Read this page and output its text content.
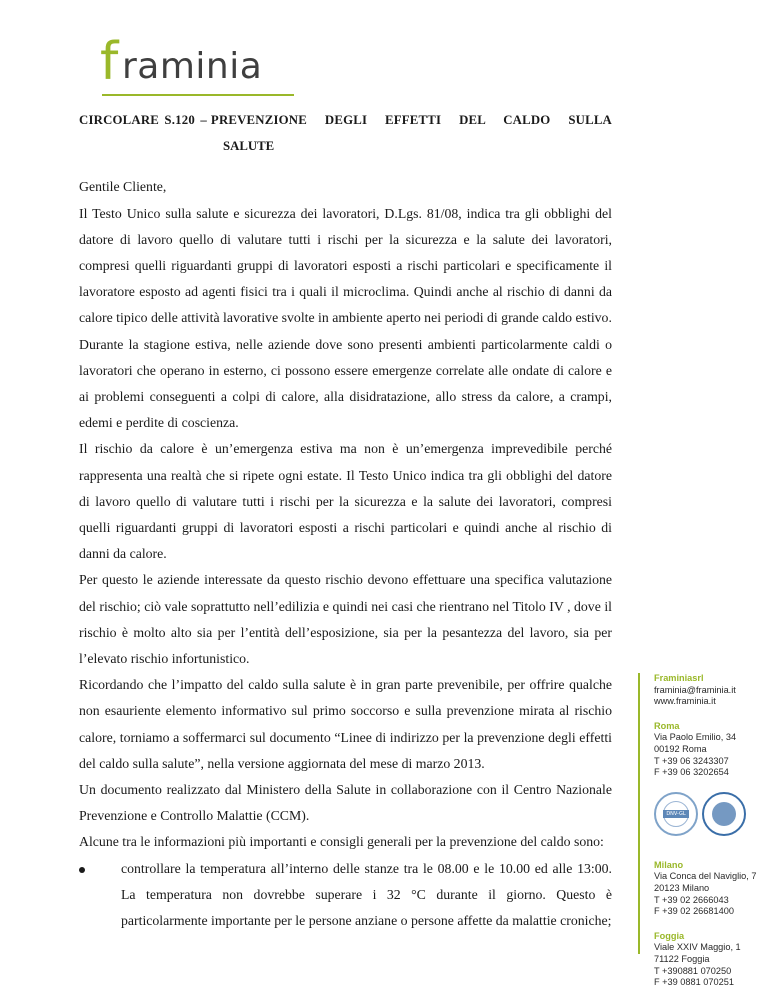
f raminia
CIRCOLARE S.120 – PREVENZIONE DEGLI EFFETTI DEL CALDO SULLA
SALUTE

Gentile Cliente,

Il Testo Unico sulla salute e sicurezza dei lavoratori, D.Lgs. 81/08, indica tra gli obblighi del datore di lavoro quello di valutare tutti i rischi per la sicurezza e la salute dei lavoratori, compresi quelli riguardanti gruppi di lavoratori esposti a rischi particolari e specificamente il lavoratore esposto ad agenti fisici tra i quali il microclima. Quindi anche al rischio di danni da calore tipico delle attività lavorative svolte in ambiente aperto nei periodi di grande caldo estivo.

Durante la stagione estiva, nelle aziende dove sono presenti ambienti particolarmente caldi o lavoratori che operano in esterno, ci possono essere emergenze correlate alle ondate di calore e ai problemi conseguenti a colpi di calore, alla disidratazione, allo stress da calore, a crampi, edemi e perdite di coscienza.

Il rischio da calore è un’emergenza estiva ma non è un’emergenza imprevedibile perché rappresenta una realtà che si ripete ogni estate. Il Testo Unico indica tra gli obblighi del datore di lavoro quello di valutare tutti i rischi per la sicurezza e la salute dei lavoratori, compresi quelli riguardanti gruppi di lavoratori esposti a rischi particolari e quindi anche al rischio di danni da calore.

Per questo le aziende interessate da questo rischio devono effettuare una specifica valutazione del rischio; ciò vale soprattutto nell’edilizia e quindi nei casi che rientrano nel Titolo IV , dove il rischio è molto alto sia per l’entità dell’esposizione, sia per la pesantezza del lavoro, sia per l’elevato rischio infortunistico.

Ricordando che l’impatto del caldo sulla salute è in gran parte prevenibile, per offrire qualche non esauriente elemento informativo sul primo soccorso e sulla prevenzione mirata al rischio calore, torniamo a soffermarci sul documento “Linee di indirizzo per la prevenzione degli effetti del caldo sulla salute”, nella versione aggiornata del mese di marzo 2013.

Un documento realizzato dal Ministero della Salute in collaborazione con il Centro Nazionale Prevenzione e Controllo Malattie (CCM).

Alcune tra le informazioni più importanti e consigli generali per la prevenzione del caldo sono:

controllare la temperatura all’interno delle stanze tra le 08.00 e le 10.00 ed alle 13:00. La temperatura non dovrebbe superare i 32 °C durante il giorno. Questo è particolarmente importante per le persone anziane o persone affette da malattie croniche;
Framiniasrl
framinia@framinia.it
www.framinia.it
Roma
Via Paolo Emilio, 34
00192 Roma
T +39 06 3243307
F +39 06 3202654
DNV-GL
Milano
Via Conca del Naviglio, 7
20123 Milano
T +39 02 2666043
F +39 02 26681400
Foggia
Viale XXIV Maggio, 1
71122 Foggia
T +390881 070250
F +39 0881 070251
